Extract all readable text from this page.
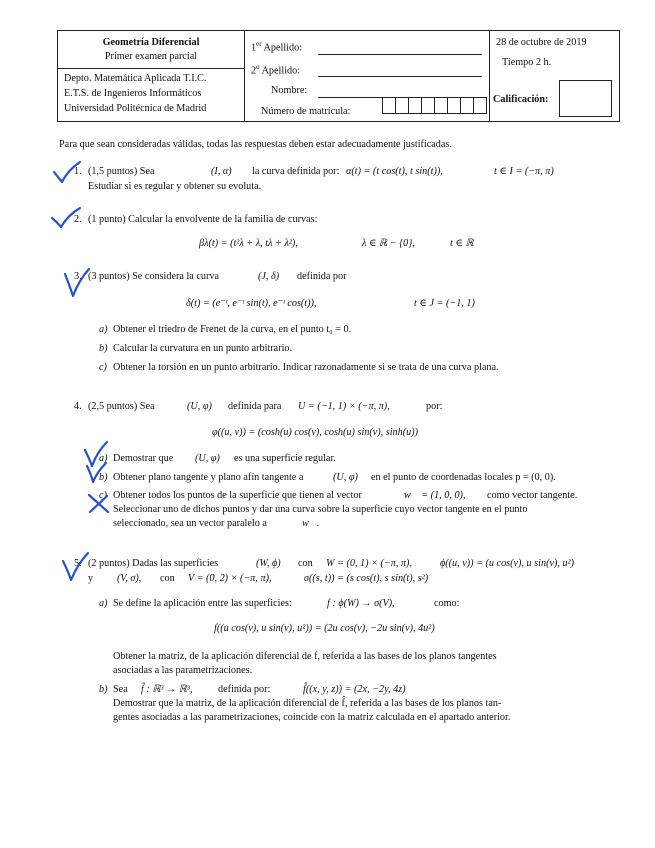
Geometría Diferencial
Primer examen parcial
Depto. Matemática Aplicada T.I.C.
E.T.S. de Ingenieros Informáticos
Universidad Politécnica de Madrid
1er Apellido:
2$^o$ Apellido:
Nombre:
Número de matrícula:
28 de octubre de 2019
Tiempo 2 h.
Calificación:
Para que sean consideradas válidas, todas las respuestas deben estar adecuadamente justificadas.
1. (1,5 puntos) Sea	(I, α) la curva definida por: α(t) = (t cos(t), t sin(t)),	t ∈ I = (−π, π)
Estudiar si es regular y obtener su evoluta.
2. (1 punto) Calcular la envolvente de la familia de curvas:
βλ(t) = (t²λ + λ, tλ + λ²),	λ ∈ ℝ − {0},	t ∈ ℝ
3. (3 puntos) Se considera la curva	(J, δ) definida por
δ(t) = (e⁻ᵗ, e⁻ᵗ sin(t), e⁻ᵗ cos(t)),	t ∈ J = (−1, 1)
a) Obtener el triedro de Frenet de la curva, en el punto t₀ = 0.
b) Calcular la curvatura en un punto arbitrario.
c) Obtener la torsión en un punto arbitrario. Indicar razonadamente si se trata de una curva plana.
4. (2,5 puntos) Sea	(U, φ) definida para U = (−1, 1) × (−π, π),	por:
φ((u, v)) = (cosh(u) cos(v), cosh(u) sin(v), sinh(u))
a) Demostrar que (U, φ) es una superficie regular.
b) Obtener plano tangente y plano afín tangente a	(U, φ) en el punto de coordenadas locales p = (0, 0).
c) Obtener todos los puntos de la superficie que tienen al vector	w⃗ = (1, 0, 0), como vector tangente.
Seleccionar uno de dichos puntos y dar una curva sobre la superficie cuyo vector tangente en el punto
seleccionado, sea un vector paralelo a	w⃗.
5. (2 puntos) Dadas las superficies	(W, ϕ) con W = (0, 1) × (−π, π),	ϕ((u, v)) = (u cos(v), u sin(v), u²)
y (V, σ), con V = (0, 2) × (−π, π),	σ((s, t)) = (s cos(t), s sin(t), s²)
a) Se define la aplicación entre las superficies:	f : ϕ(W) → σ(V),	como:
f((u cos(v), u sin(v), u²)) = (2u cos(v), −2u sin(v), 4u²)
Obtener la matriz, de la aplicación diferencial de f, referida a las bases de los planos tangentes
asociadas a las parametrizaciones.
b) Sea f̂ : ℝ³ → ℝ³,	definida por:	f̂((x, y, z)) = (2x, −2y, 4z)
Demostrar que la matriz, de la aplicación diferencial de f̂, referida a las bases de los planos tan-
gentes asociadas a las parametrizaciones, coincide con la matriz calculada en el apartado anterior.
